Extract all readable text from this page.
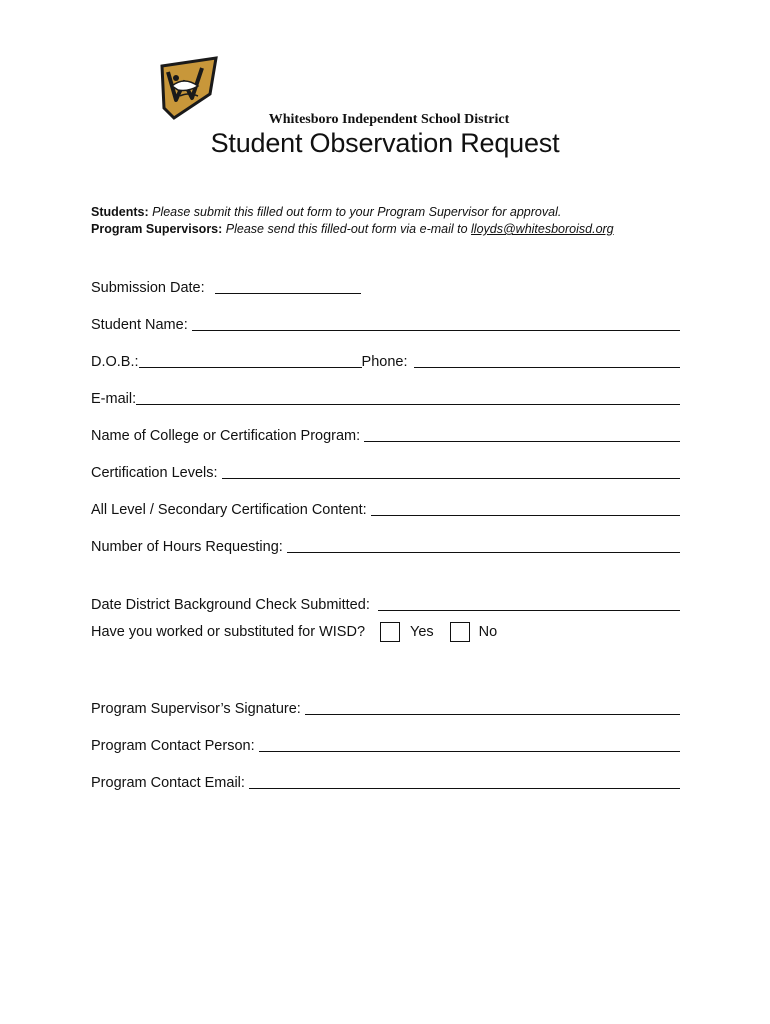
Whitesboro Independent School District
Student Observation Request
Students: Please submit this filled out form to your Program Supervisor for approval.
Program Supervisors: Please send this filled-out form via e-mail to lloyds@whitesboroisd.org
Submission Date:
Student Name:
D.O.B.:	Phone:
E-mail:
Name of College or Certification Program:
Certification Levels:
All Level / Secondary Certification Content:
Number of Hours Requesting:
Date District Background Check Submitted:
Have you worked or substituted for WISD?	Yes	No
Program Supervisor’s Signature:
Program Contact Person:
Program Contact Email:
